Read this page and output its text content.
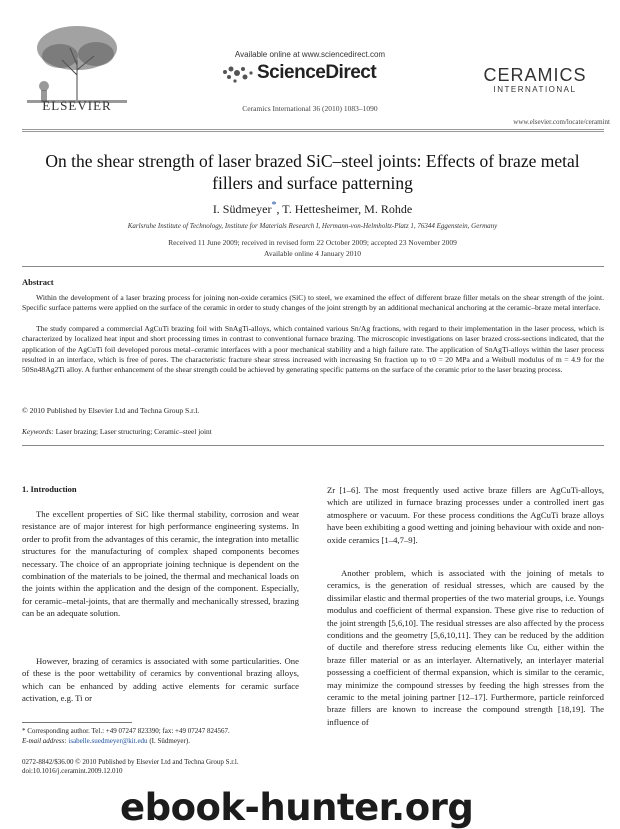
ELSEVIER
Available online at www.sciencedirect.com
ScienceDirect
Ceramics International 36 (2010) 1083–1090
CERAMICS
INTERNATIONAL
www.elsevier.com/locate/ceramint
On the shear strength of laser brazed SiC–steel joints: Effects of braze metal fillers and surface patterning
I. Südmeyer*, T. Hettesheimer, M. Rohde
Karlsruhe Institute of Technology, Institute for Materials Research I, Hermann-von-Helmholtz-Platz 1, 76344 Eggenstein, Germany
Received 11 June 2009; received in revised form 22 October 2009; accepted 23 November 2009
Available online 4 January 2010
Abstract
Within the development of a laser brazing process for joining non-oxide ceramics (SiC) to steel, we examined the effect of different braze filler metals on the shear strength of the joint. Specific surface patterns were applied on the surface of the ceramic in order to study changes of the joint strength by an additional mechanical anchoring at the ceramic–braze metal interface.
The study compared a commercial AgCuTi brazing foil with SnAgTi-alloys, which contained various Sn/Ag fractions, with regard to their implementation in the laser process, which is characterized by localized heat input and short processing times in contrast to conventional furnace brazing. The microscopic investigations on laser brazed cross-sections indicated, that the application of the AgCuTi foil developed porous metal–ceramic interfaces with a poor mechanical stability and a high failure rate. The application of SnAgTi-alloys within the laser process resulted in an interface, which is free of pores. The characteristic fracture shear stress increased with increasing Sn fraction up to τ0 = 20 MPa and a Weibull modulus of m = 4.9 for the 50Sn48Ag2Ti alloy. A further enhancement of the shear strength could be achieved by generating specific patterns on the surface of the ceramic prior to the laser brazing process.
© 2010 Published by Elsevier Ltd and Techna Group S.r.l.
Keywords: Laser brazing; Laser structuring; Ceramic–steel joint
1. Introduction
The excellent properties of SiC like thermal stability, corrosion and wear resistance are of major interest for high performance engineering systems. In order to profit from the advantages of this ceramic, the integration into metallic structures for the manufacturing of complex shaped components becomes necessary. The choice of an appropriate joining technique is dependent on the combination of the materials to be joined, the thermal and mechanical loads on the joints within the application and the design of the component. Especially, for ceramic–metal-joints, that are thermally and mechanically stressed, brazing can be an adequate solution.
However, brazing of ceramics is associated with some particularities. One of these is the poor wettability of ceramics by conventional brazing alloys, which can be enhanced by adding active elements for ceramic surface activation, e.g. Ti or
Zr [1–6]. The most frequently used active braze fillers are AgCuTi-alloys, which are utilized in furnace brazing processes under a controlled inert gas atmosphere or vacuum. For these process conditions the AgCuTi braze alloys have been exhibiting a good wetting and joining behaviour with oxide and non-oxide ceramics [1–4,7–9].
Another problem, which is associated with the joining of metals to ceramics, is the generation of residual stresses, which are caused by the dissimilar elastic and thermal properties of the two material groups, i.e. Youngs modulus and coefficient of thermal expansion. These give rise to reduction of the joint strength [5,6,10]. The residual stresses are also affected by the process conditions and the geometry [5,6,10,11]. They can be reduced by the addition of ductile and therefore stress reducing elements like Cu, either within the braze filler material or as an interlayer. Alternatively, an interlayer material possessing a coefficient of thermal expansion, which is similar to the ceramic, may minimize the compound stresses by feeding the high stresses from the ceramic to the metal joining partner [12–17]. Furthermore, particle reinforced braze fillers are known to increase the compound strength [18,19]. The influence of
* Corresponding author. Tel.: +49 07247 823390; fax: +49 07247 824567.
E-mail address: isabelle.suedmeyer@kit.edu (I. Südmeyer).
0272-8842/$36.00 © 2010 Published by Elsevier Ltd and Techna Group S.r.l.
doi:10.1016/j.ceramint.2009.12.010
ebook-hunter.org
